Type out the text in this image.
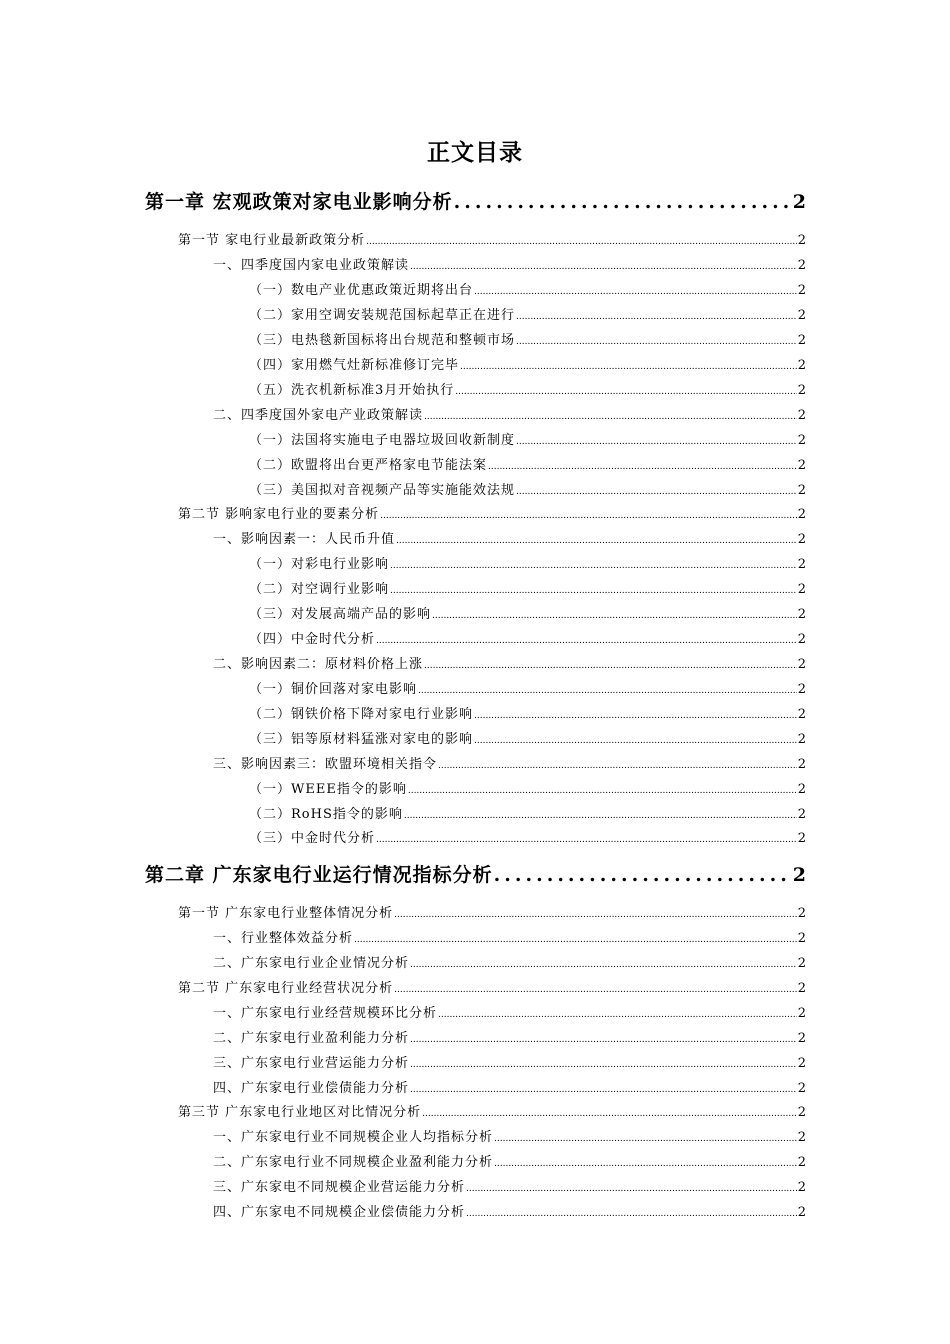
正文目录
第一章 宏观政策对家电业影响分析 .....	2
第一节 家电行业最新政策分析 .....	2
一、四季度国内家电业政策解读 .....	2
（一）数电产业优惠政策近期将出台 .....	2
（二）家用空调安装规范国标起草正在进行 .....	2
（三）电热毯新国标将出台规范和整顿市场 .....	2
（四）家用燃气灶新标准修订完毕 .....	2
（五）洗衣机新标准3月开始执行 .....	2
二、四季度国外家电产业政策解读 .....	2
（一）法国将实施电子电器垃圾回收新制度 .....	2
（二）欧盟将出台更严格家电节能法案 .....	2
（三）美国拟对音视频产品等实施能效法规 .....	2
第二节 影响家电行业的要素分析 .....	2
一、影响因素一：人民币升值 .....	2
（一）对彩电行业影响 .....	2
（二）对空调行业影响 .....	2
（三）对发展高端产品的影响 .....	2
（四）中金时代分析 .....	2
二、影响因素二：原材料价格上涨 .....	2
（一）铜价回落对家电影响 .....	2
（二）钢铁价格下降对家电行业影响 .....	2
（三）铝等原材料猛涨对家电的影响 .....	2
三、影响因素三：欧盟环境相关指令 .....	2
（一）WEEE指令的影响 .....	2
（二）RoHS指令的影响 .....	2
（三）中金时代分析 .....	2
第二章 广东家电行业运行情况指标分析 .....	2
第一节 广东家电行业整体情况分析 .....	2
一、行业整体效益分析 .....	2
二、广东家电行业企业情况分析 .....	2
第二节 广东家电行业经营状况分析 .....	2
一、广东家电行业经营规模环比分析 .....	2
二、广东家电行业盈利能力分析 .....	2
三、广东家电行业营运能力分析 .....	2
四、广东家电行业偿债能力分析 .....	2
第三节 广东家电行业地区对比情况分析 .....	2
一、广东家电行业不同规模企业人均指标分析 .....	2
二、广东家电行业不同规模企业盈利能力分析 .....	2
三、广东家电不同规模企业营运能力分析 .....	2
四、广东家电不同规模企业偿债能力分析 .....	2
